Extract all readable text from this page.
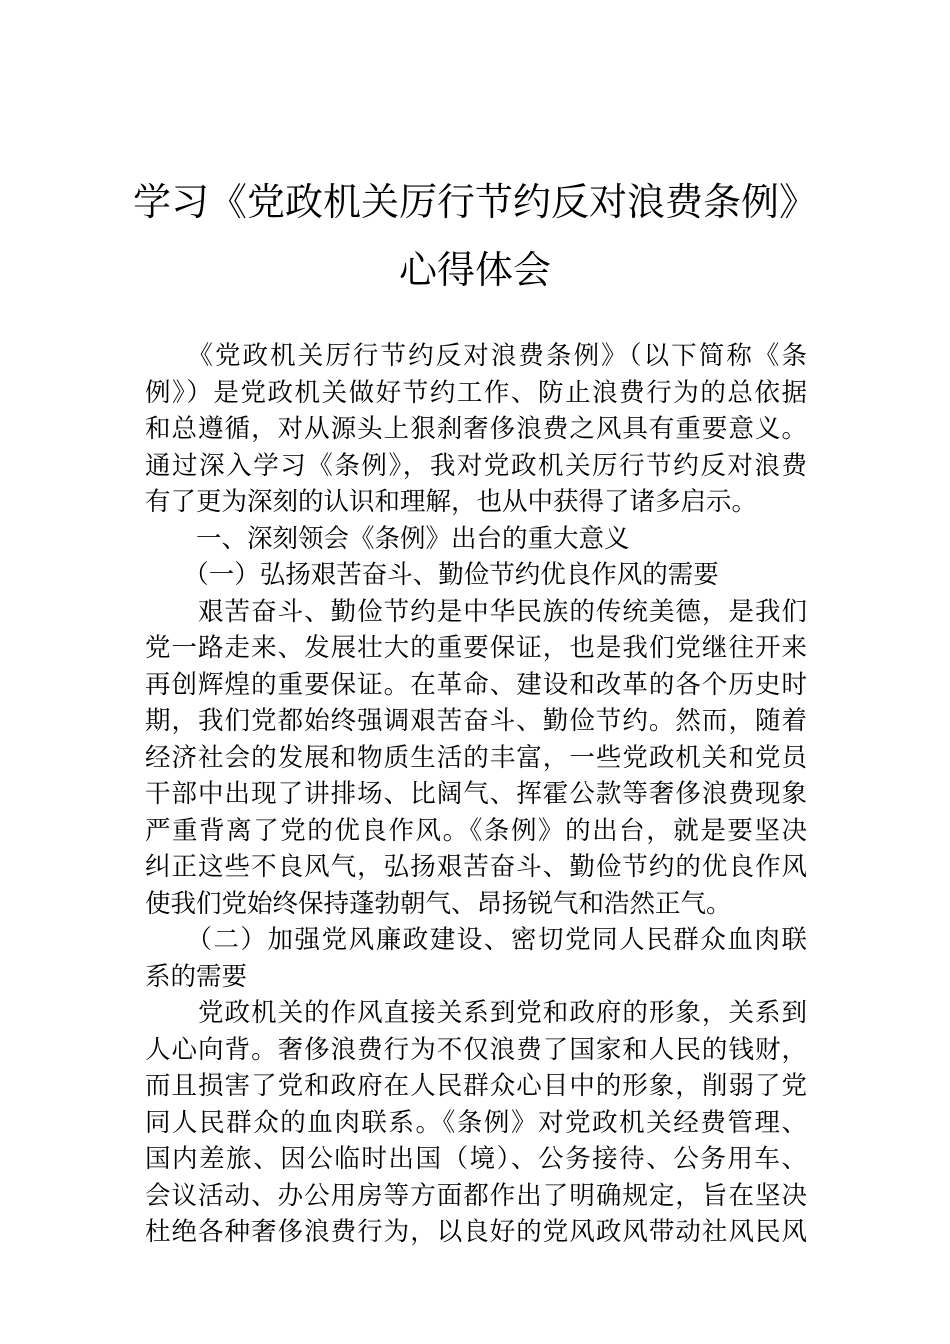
学习《党政机关厉行节约反对浪费条例》
心得体会
　　《党政机关厉行节约反对浪费条例》（以下简称《条
例》）是党政机关做好节约工作、防止浪费行为的总依据
和总遵循，对从源头上狠刹奢侈浪费之风具有重要意义。
通过深入学习《条例》，我对党政机关厉行节约反对浪费
有了更为深刻的认识和理解，也从中获得了诸多启示。
　　一、深刻领会《条例》出台的重大意义
　　（一）弘扬艰苦奋斗、勤俭节约优良作风的需要
　　艰苦奋斗、勤俭节约是中华民族的传统美德，是我们
党一路走来、发展壮大的重要保证，也是我们党继往开来
再创辉煌的重要保证。在革命、建设和改革的各个历史时
期，我们党都始终强调艰苦奋斗、勤俭节约。然而，随着
经济社会的发展和物质生活的丰富，一些党政机关和党员
干部中出现了讲排场、比阔气、挥霍公款等奢侈浪费现象
严重背离了党的优良作风。《条例》的出台，就是要坚决
纠正这些不良风气，弘扬艰苦奋斗、勤俭节约的优良作风
使我们党始终保持蓬勃朝气、昂扬锐气和浩然正气。
　　（二）加强党风廉政建设、密切党同人民群众血肉联
系的需要
　　党政机关的作风直接关系到党和政府的形象，关系到
人心向背。奢侈浪费行为不仅浪费了国家和人民的钱财，
而且损害了党和政府在人民群众心目中的形象，削弱了党
同人民群众的血肉联系。《条例》对党政机关经费管理、
国内差旅、因公临时出国（境）、公务接待、公务用车、
会议活动、办公用房等方面都作出了明确规定，旨在坚决
杜绝各种奢侈浪费行为，以良好的党风政风带动社风民风
